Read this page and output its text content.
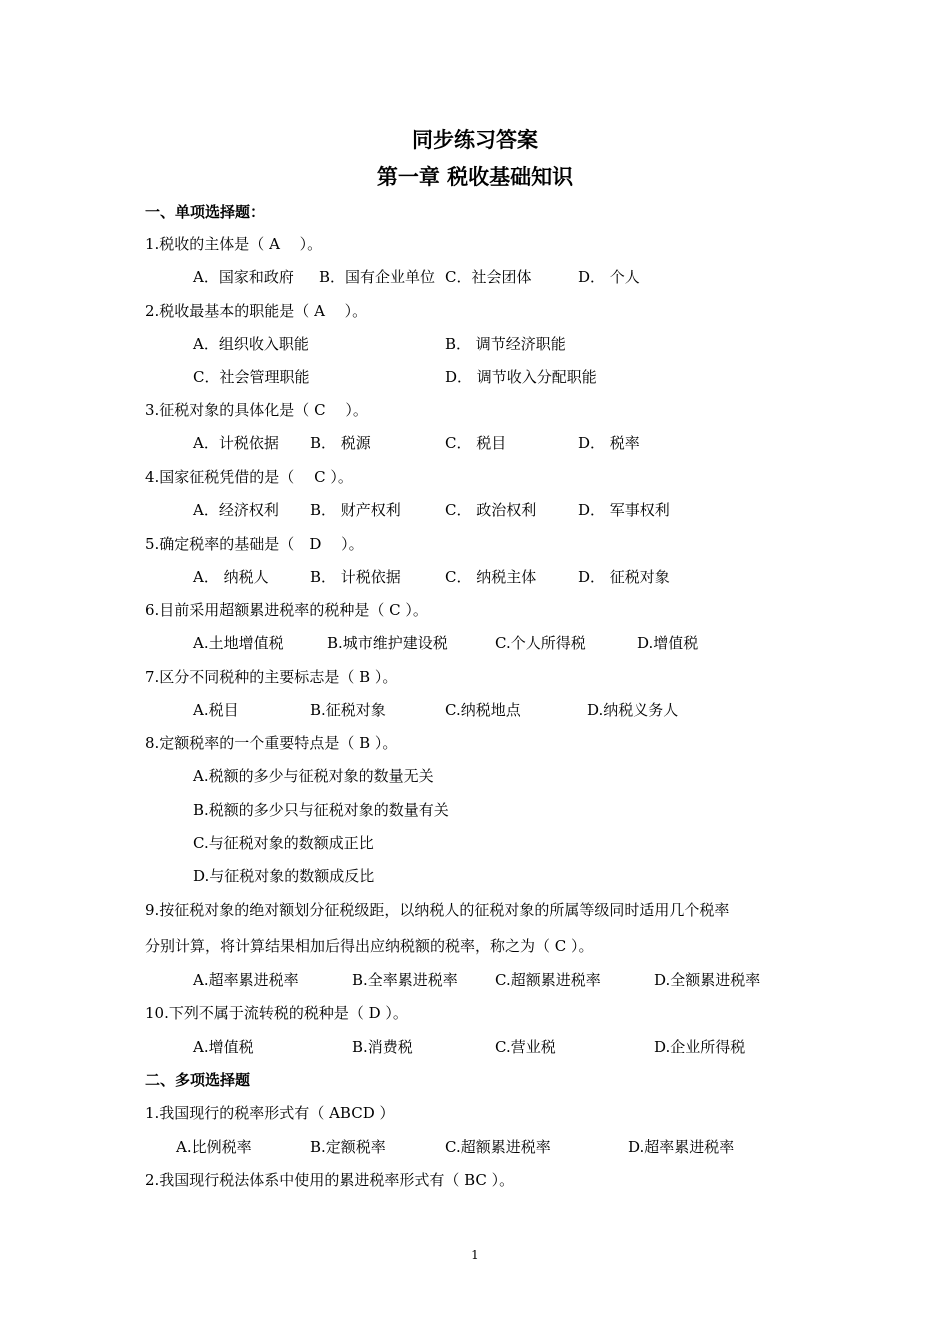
同步练习答案
第一章 税收基础知识
一、单项选择题：
1.税收的主体是（ A　 ）。
A．国家和政府 B．国有企业单位 C．社会团体	D． 个人
2.税收最基本的职能是（ A　 ）。
A．组织收入职能	B． 调节经济职能
C．社会管理职能	D． 调节收入分配职能
3.征税对象的具体化是（ C　 ）。
A．计税依据 B． 税源	C． 税目	D． 税率
4.国家征税凭借的是（　 C ）。
A．经济权利 B． 财产权利	C． 政治权利	D． 军事权利
5.确定税率的基础是（　D　 ）。
A． 纳税人	B． 计税依据	C． 纳税主体	D． 征税对象
6.目前采用超额累进税率的税种是（ C ）。
A.土地增值税	B.城市维护建设税	C.个人所得税	D.增值税
7.区分不同税种的主要标志是（ B ）。
A.税目	B.征税对象	C.纳税地点	D.纳税义务人
8.定额税率的一个重要特点是（ B ）。
A.税额的多少与征税对象的数量无关
B.税额的多少只与征税对象的数量有关
C.与征税对象的数额成正比
D.与征税对象的数额成反比
9.按征税对象的绝对额划分征税级距，以纳税人的征税对象的所属等级同时适用几个税率
分别计算，将计算结果相加后得出应纳税额的税率，称之为（ C ）。
A.超率累进税率	B.全率累进税率 C.超额累进税率	D.全额累进税率
10.下列不属于流转税的税种是（ D ）。
A.增值税	B.消费税	C.营业税	D.企业所得税
二、多项选择题
1.我国现行的税率形式有（ ABCD ）
A.比例税率	B.定额税率	C.超额累进税率	D.超率累进税率
2.我国现行税法体系中使用的累进税率形式有（ BC ）。
1
